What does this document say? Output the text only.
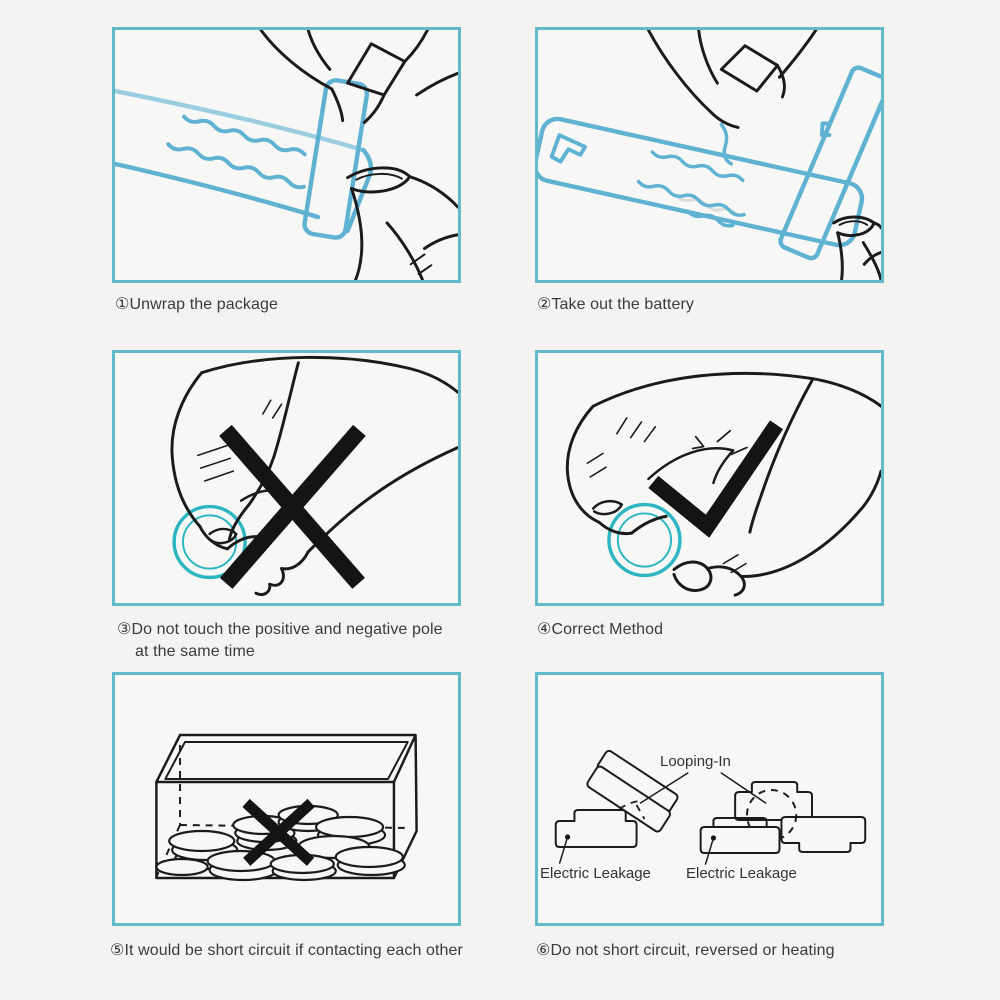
Looping-In
Electric Leakage Electric Leakage
①Unwrap the package	②Take out the battery
③Do not touch the positive and negative pole
at the same time
④Correct Method
⑤It would be short circuit if contacting each other	⑥Do not short circuit, reversed or heating
